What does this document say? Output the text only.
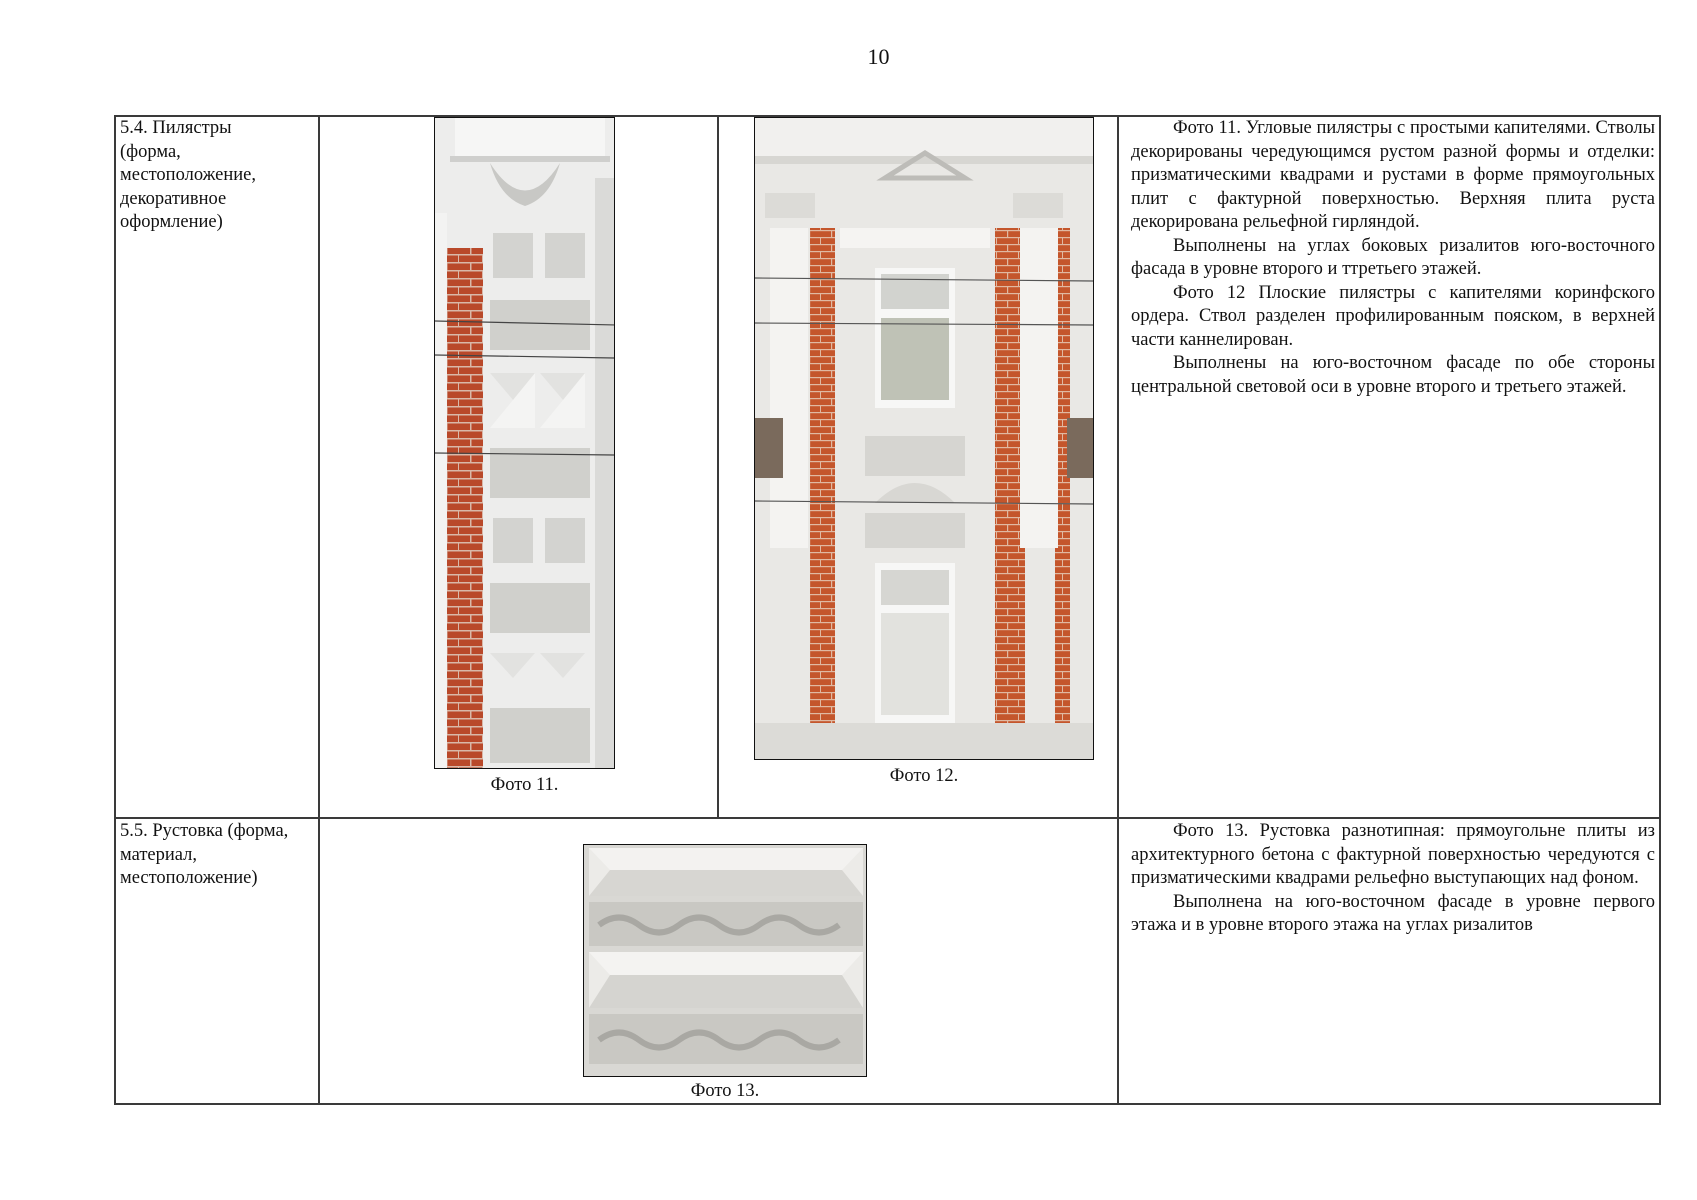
10
5.4. Пилястры
(форма,
местоположение,
декоративное
оформление)
Фото 11.	Фото 12.

Фото 11. Угловые пилястры с простыми капителями. Стволы декорированы чередующимся рустом разной формы и отделки: призматическими квадрами и рустами в форме прямоугольных плит с фактурной поверхностью. Верхняя плита руста декорирована рельефной гирляндой.

Выполнены на углах боковых ризалитов юго-восточного фасада в уровне второго и ттретьего этажей.

Фото 12 Плоские пилястры с капителями коринфского ордера. Ствол разделен профилированным пояском, в верхней части каннелирован.

Выполнены на юго-восточном фасаде по обе стороны центральной световой оси в уровне второго и третьего этажей.

5.5. Рустовка (форма,
материал,
местоположение)
Фото 13.

Фото 13. Рустовка разнотипная: прямоугольне плиты из архитектурного бетона с фактурной поверхностью чередуются с призматическими квадрами рельефно выступающих над фоном.

Выполнена на юго-восточном фасаде в уровне первого этажа и в уровне второго этажа на углах ризалитов
